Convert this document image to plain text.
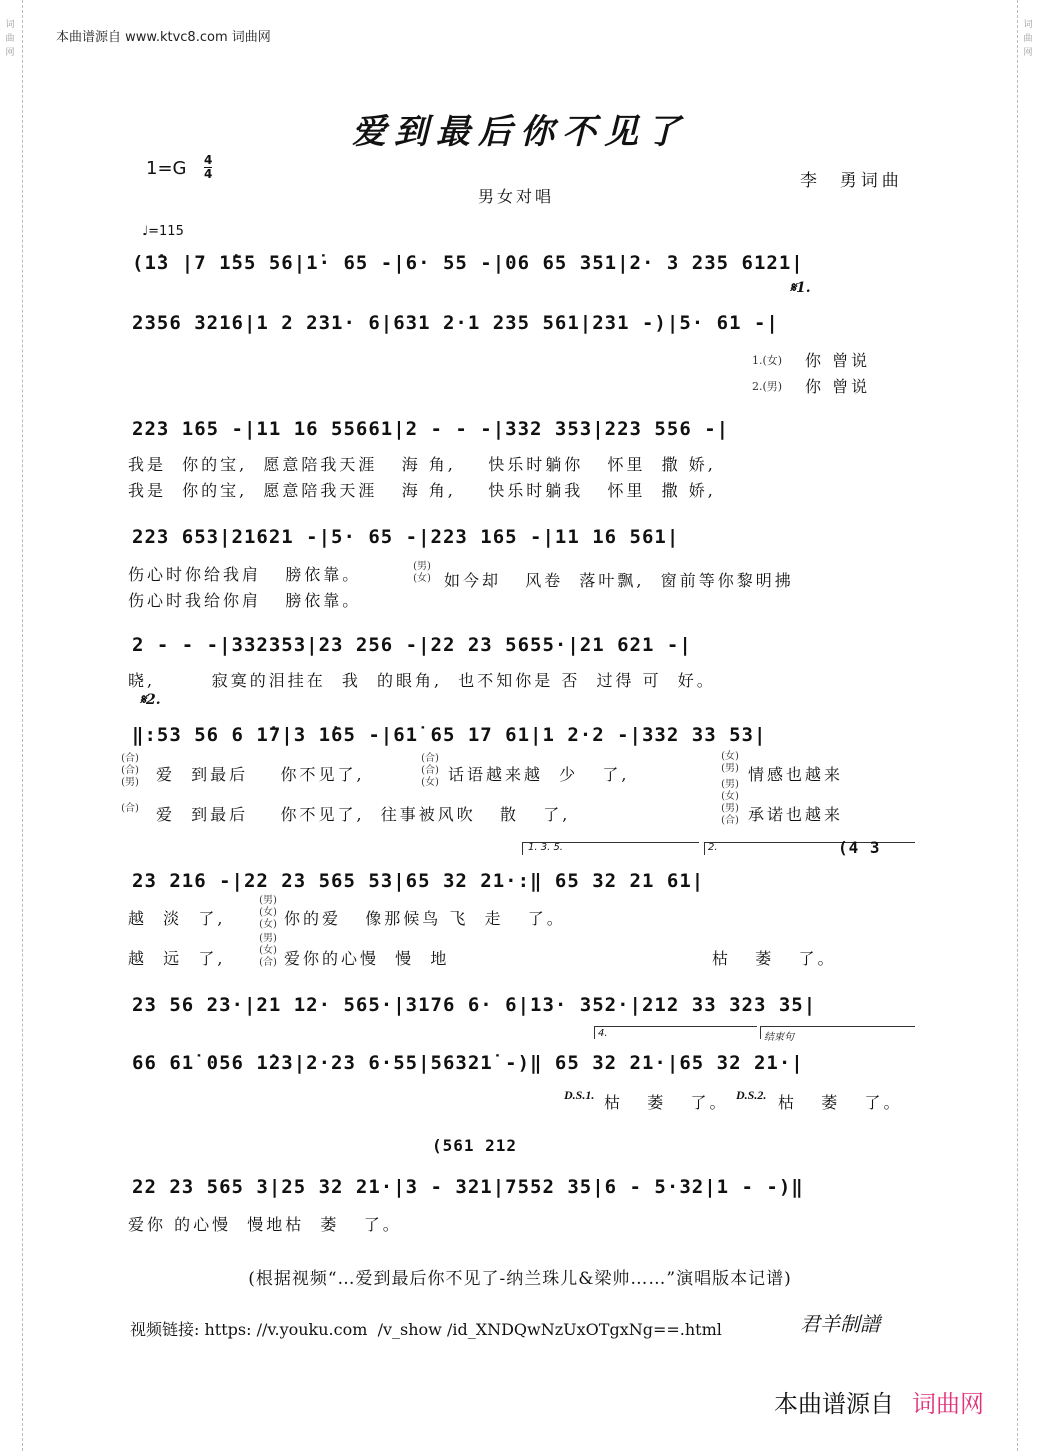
词
曲
网
词
曲
网
本曲谱源自 www.ktvc8.com 词曲网
爱到最后你不见了
1=G 4
4	李  勇词曲
男女对唱
♩=115
(1̇3 |7 1̇55 56|1̇· 65 -|6· 55 -|06 65 351|2· 3 235 6121|
𝄋1.
2356 3216|1 2 231· 6|631 2·1 235 561|231 -)|5· 61 -|
1.(女) 你 曾说
2.(男) 你 曾说
223 165 -|11 16 55661|2 - - -|332 353|223 556 -|
我是  你的宝,  愿意陪我天涯   海 角,    快乐时躺你   怀里  撒 娇,
我是  你的宝,  愿意陪我天涯   海 角,    快乐时躺我   怀里  撒 娇,
223 653|21621 -|5· 65 -|223 165 -|11 16 561|
伤心时你给我肩   膀依靠。	(男)
(女) 如今却   风卷  落叶飘,  窗前等你黎明拂
伤心时我给你肩   膀依靠。
2 - - -|332353|23 256 -|22 23 5655·|21 621 -|
晓,       寂寞的泪挂在  我  的眼角,  也不知你是 否  过得 可  好。
𝄋2.
‖:53 56 6 1̇7|3 1̇65 -|61̇ 65 17 61|1 2·2 -|332 33 53|
(合)
(合)
(男) 爱  到最后    你不见了,
(合)
(合)
(女) 话语越来越  少   了,
(女)
(男) 情感也越来
(合) 爱  到最后    你不见了,  往事被风吹   散   了,
(男)
(女)
(男)
(合) 承诺也越来
1. 3. 5.	2.	(4 3
23 216 -|22 23 565 53|65 32 21·:‖ 65 32 21 61|
越  淡  了,
(男)
(女)
(女) 你的爱   像那候鸟 飞  走   了。
越  远  了,
(男)
(女)
(合) 爱你的心慢  慢  地	枯   萎   了。
23 56 23·|21 12· 565·|3176 6· 6|13· 352·|212 33 323 35|
4.	结束句
66 61̇ 056 1̇23|2·23 6·55|56321̇ -)‖ 65 32 21·|65 32 21·|
D.S.1. 枯   萎   了。 D.S.2. 枯   萎   了。
(561 212
22 23 565 3|25 32 21·|3 - 321|7552 35|6 - 5·32|1 - -)‖
爱你 的心慢  慢地枯  萎   了。
(根据视频“…爱到最后你不见了-纳兰珠儿&梁帅……”演唱版本记谱)
视频链接: https: //v.youku.com  /v_show /id_XNDQwNzUxOTgxNg==.html	君羊制譜
本曲谱源自 词曲网
